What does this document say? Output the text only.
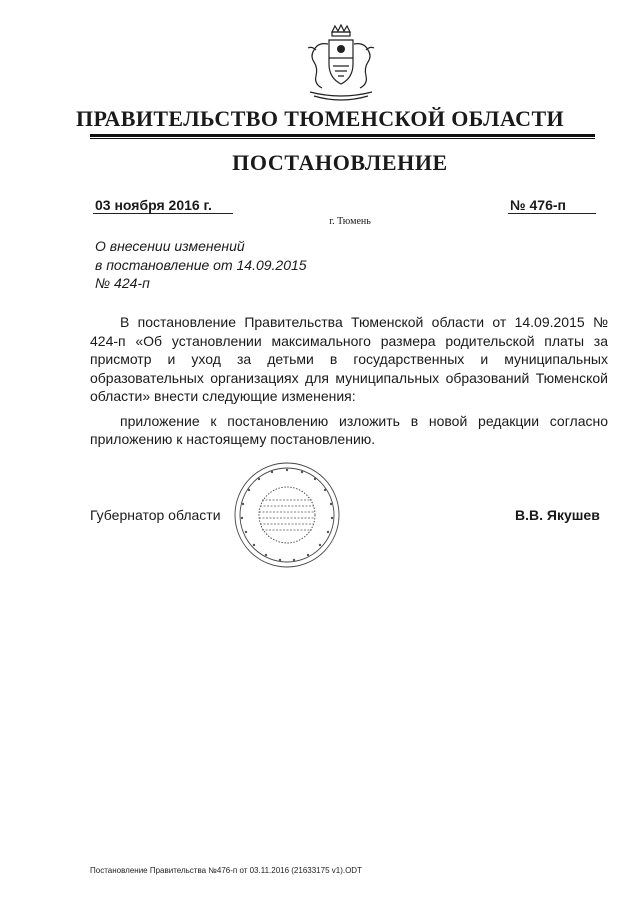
ПРАВИТЕЛЬСТВО ТЮМЕНСКОЙ ОБЛАСТИ
ПОСТАНОВЛЕНИЕ
03 ноября 2016 г.	№ 476-п
г. Тюмень
О внесении изменений
в постановление от 14.09.2015
№ 424-п

В постановление Правительства Тюменской области от 14.09.2015 № 424-п «Об установлении максимального размера родительской платы за присмотр и уход за детьми в государственных и муниципальных образовательных организациях для муниципальных образований Тюменской области» внести следующие изменения:

приложение к постановлению изложить в новой редакции согласно приложению к настоящему постановлению.

Губернатор области	В.В. Якушев
Постановление Правительства №476-п от 03.11.2016 (21633175 v1).ODT
